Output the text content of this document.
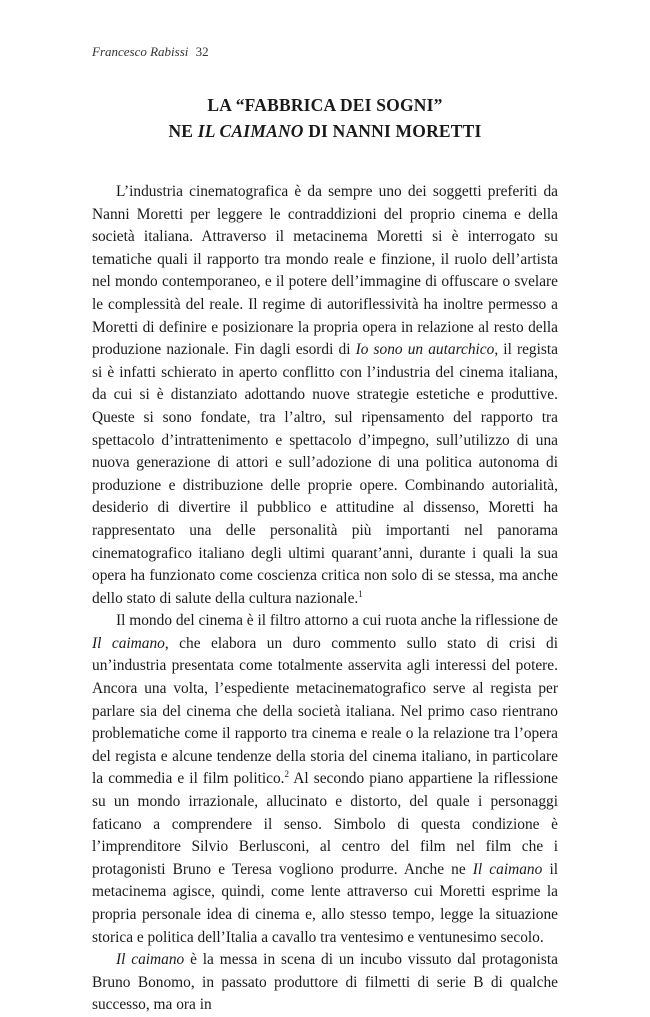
Francesco Rabissi 32
LA “FABBRICA DEI SOGNI”
NE IL CAIMANO DI NANNI MORETTI

L’industria cinematografica è da sempre uno dei soggetti preferiti da Nanni Moretti per leggere le contraddizioni del proprio cinema e della società italiana. Attraverso il metacinema Moretti si è interrogato su tematiche quali il rapporto tra mondo reale e finzione, il ruolo dell’artista nel mondo contemporaneo, e il potere dell’immagine di offuscare o svelare le complessità del reale. Il regime di autoriflessività ha inoltre permesso a Moretti di definire e posizionare la propria opera in relazione al resto della produzione nazionale. Fin dagli esordi di Io sono un autarchico, il regista si è infatti schierato in aperto conflitto con l’industria del cinema italiana, da cui si è distanziato adottando nuove strategie estetiche e produttive. Queste si sono fondate, tra l’altro, sul ripensamento del rapporto tra spettacolo d’intrattenimento e spettacolo d’impegno, sull’utilizzo di una nuova generazione di attori e sull’adozione di una politica autonoma di produzione e distribuzione delle proprie opere. Combinando autorialità, desiderio di divertire il pubblico e attitudine al dissenso, Moretti ha rappresentato una delle personalità più importanti nel panorama cinematografico italiano degli ultimi quarant’anni, durante i quali la sua opera ha funzionato come coscienza critica non solo di se stessa, ma anche dello stato di salute della cultura nazionale.$^1$

Il mondo del cinema è il filtro attorno a cui ruota anche la riflessione de Il caimano, che elabora un duro commento sullo stato di crisi di un’industria presentata come totalmente asservita agli interessi del potere. Ancora una volta, l’espediente metacinematografico serve al regista per parlare sia del cinema che della società italiana. Nel primo caso rientrano problematiche come il rapporto tra cinema e reale o la relazione tra l’opera del regista e alcune tendenze della storia del cinema italiano, in particolare la commedia e il film politico.$^2$ Al secondo piano appartiene la riflessione su un mondo irrazionale, allucinato e distorto, del quale i personaggi faticano a comprendere il senso. Simbolo di questa condizione è l’imprenditore Silvio Berlusconi, al centro del film nel film che i protagonisti Bruno e Teresa vogliono produrre. Anche ne Il caimano il metacinema agisce, quindi, come lente attraverso cui Moretti esprime la propria personale idea di cinema e, allo stesso tempo, legge la situazione storica e politica dell’Italia a cavallo tra ventesimo e ventunesimo secolo.

Il caimano è la messa in scena di un incubo vissuto dal protagonista Bruno Bonomo, in passato produttore di filmetti di serie B di qualche successo, ma ora in
